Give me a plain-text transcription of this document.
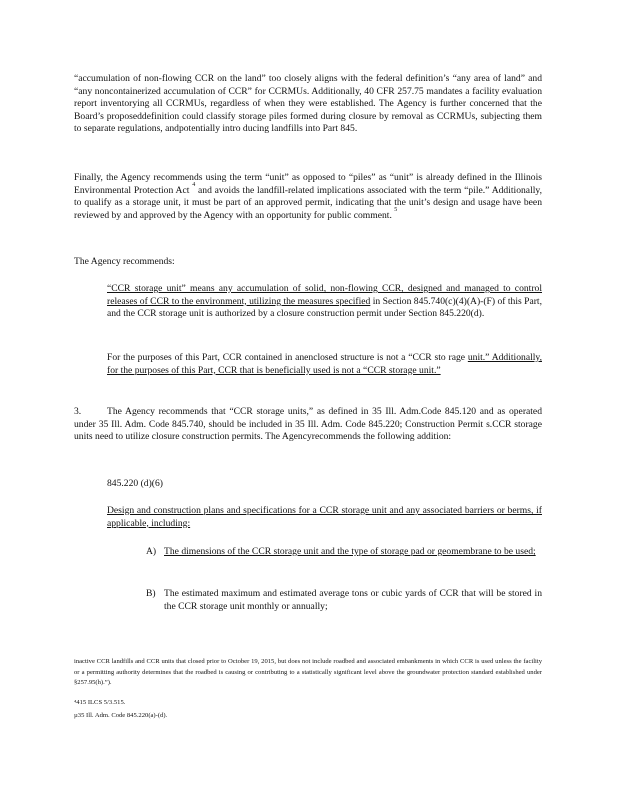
“accumulation of non-flowing CCR on the land” too closely aligns with the federal definition’s “any area of land” and “any noncontainerized accumulation of CCR” for CCRMUs. Additionally, 40 CFR 257.75 mandates a facility evaluation report inventorying all CCRMUs, regardless of when they were established. The Agency is further concerned that the Board’s proposeddefinition could classify storage piles formed during closure by removal as CCRMUs, subjecting them to separate regulations, andpotentially intro ducing landfills into Part 845.

Finally, the Agency recommends using the term “unit” as opposed to “piles” as “unit” is already defined in the Illinois Environmental Protection Act $^4$ and avoids the landfill-related implications associated with the term “pile.” Additionally, to qualify as a storage unit, it must be part of an approved permit, indicating that the unit’s design and usage have been reviewed by and approved by the Agency with an opportunity for public comment. $^5$

The Agency recommends:

“CCR storage unit” means any accumulation of solid, non-flowing CCR, designed and managed to control releases of CCR to the environment, utilizing the measures specified in Section 845.740(c)(4)(A)-(F) of this Part, and the CCR storage unit is authorized by a closure construction permit under Section 845.220(d).

For the purposes of this Part, CCR contained in anenclosed structure is not a “CCR sto rage unit.” Additionally, for the purposes of this Part, CCR that is beneficially used is not a “CCR storage unit.”

The Agency recommends that “CCR storage units,” as defined in 35 Ill. Adm.Code 845.120 and as operated under 35 Ill. Adm. Code 845.740, should be included in 35 Ill. Adm. Code 845.220; Construction Permit s.CCR storage units need to utilize closure construction permits. The Agencyrecommends the following addition:

3.
845.220 (d)(6)

Design and construction plans and specifications for a CCR storage unit and any associated barriers or berms, if applicable, including:

A) The dimensions of the CCR storage unit and the type of storage pad or geomembrane to be used;
B) The estimated maximum and estimated average tons or cubic yards of CCR that will be stored in the CCR storage unit monthly or annually;

inactive CCR landfills and CCR units that closed prior to October 19, 2015, but does not include roadbed and associated embankments in which CCR is used unless the facility or a permitting authority determines that the roadbed is causing or contributing to a statistically significant level above the groundwater protection standard established under §257.95(h).”).

⁴415 ILCS 5/3.515.

µ35 Ill. Adm. Code 845.220(a)-(d).
